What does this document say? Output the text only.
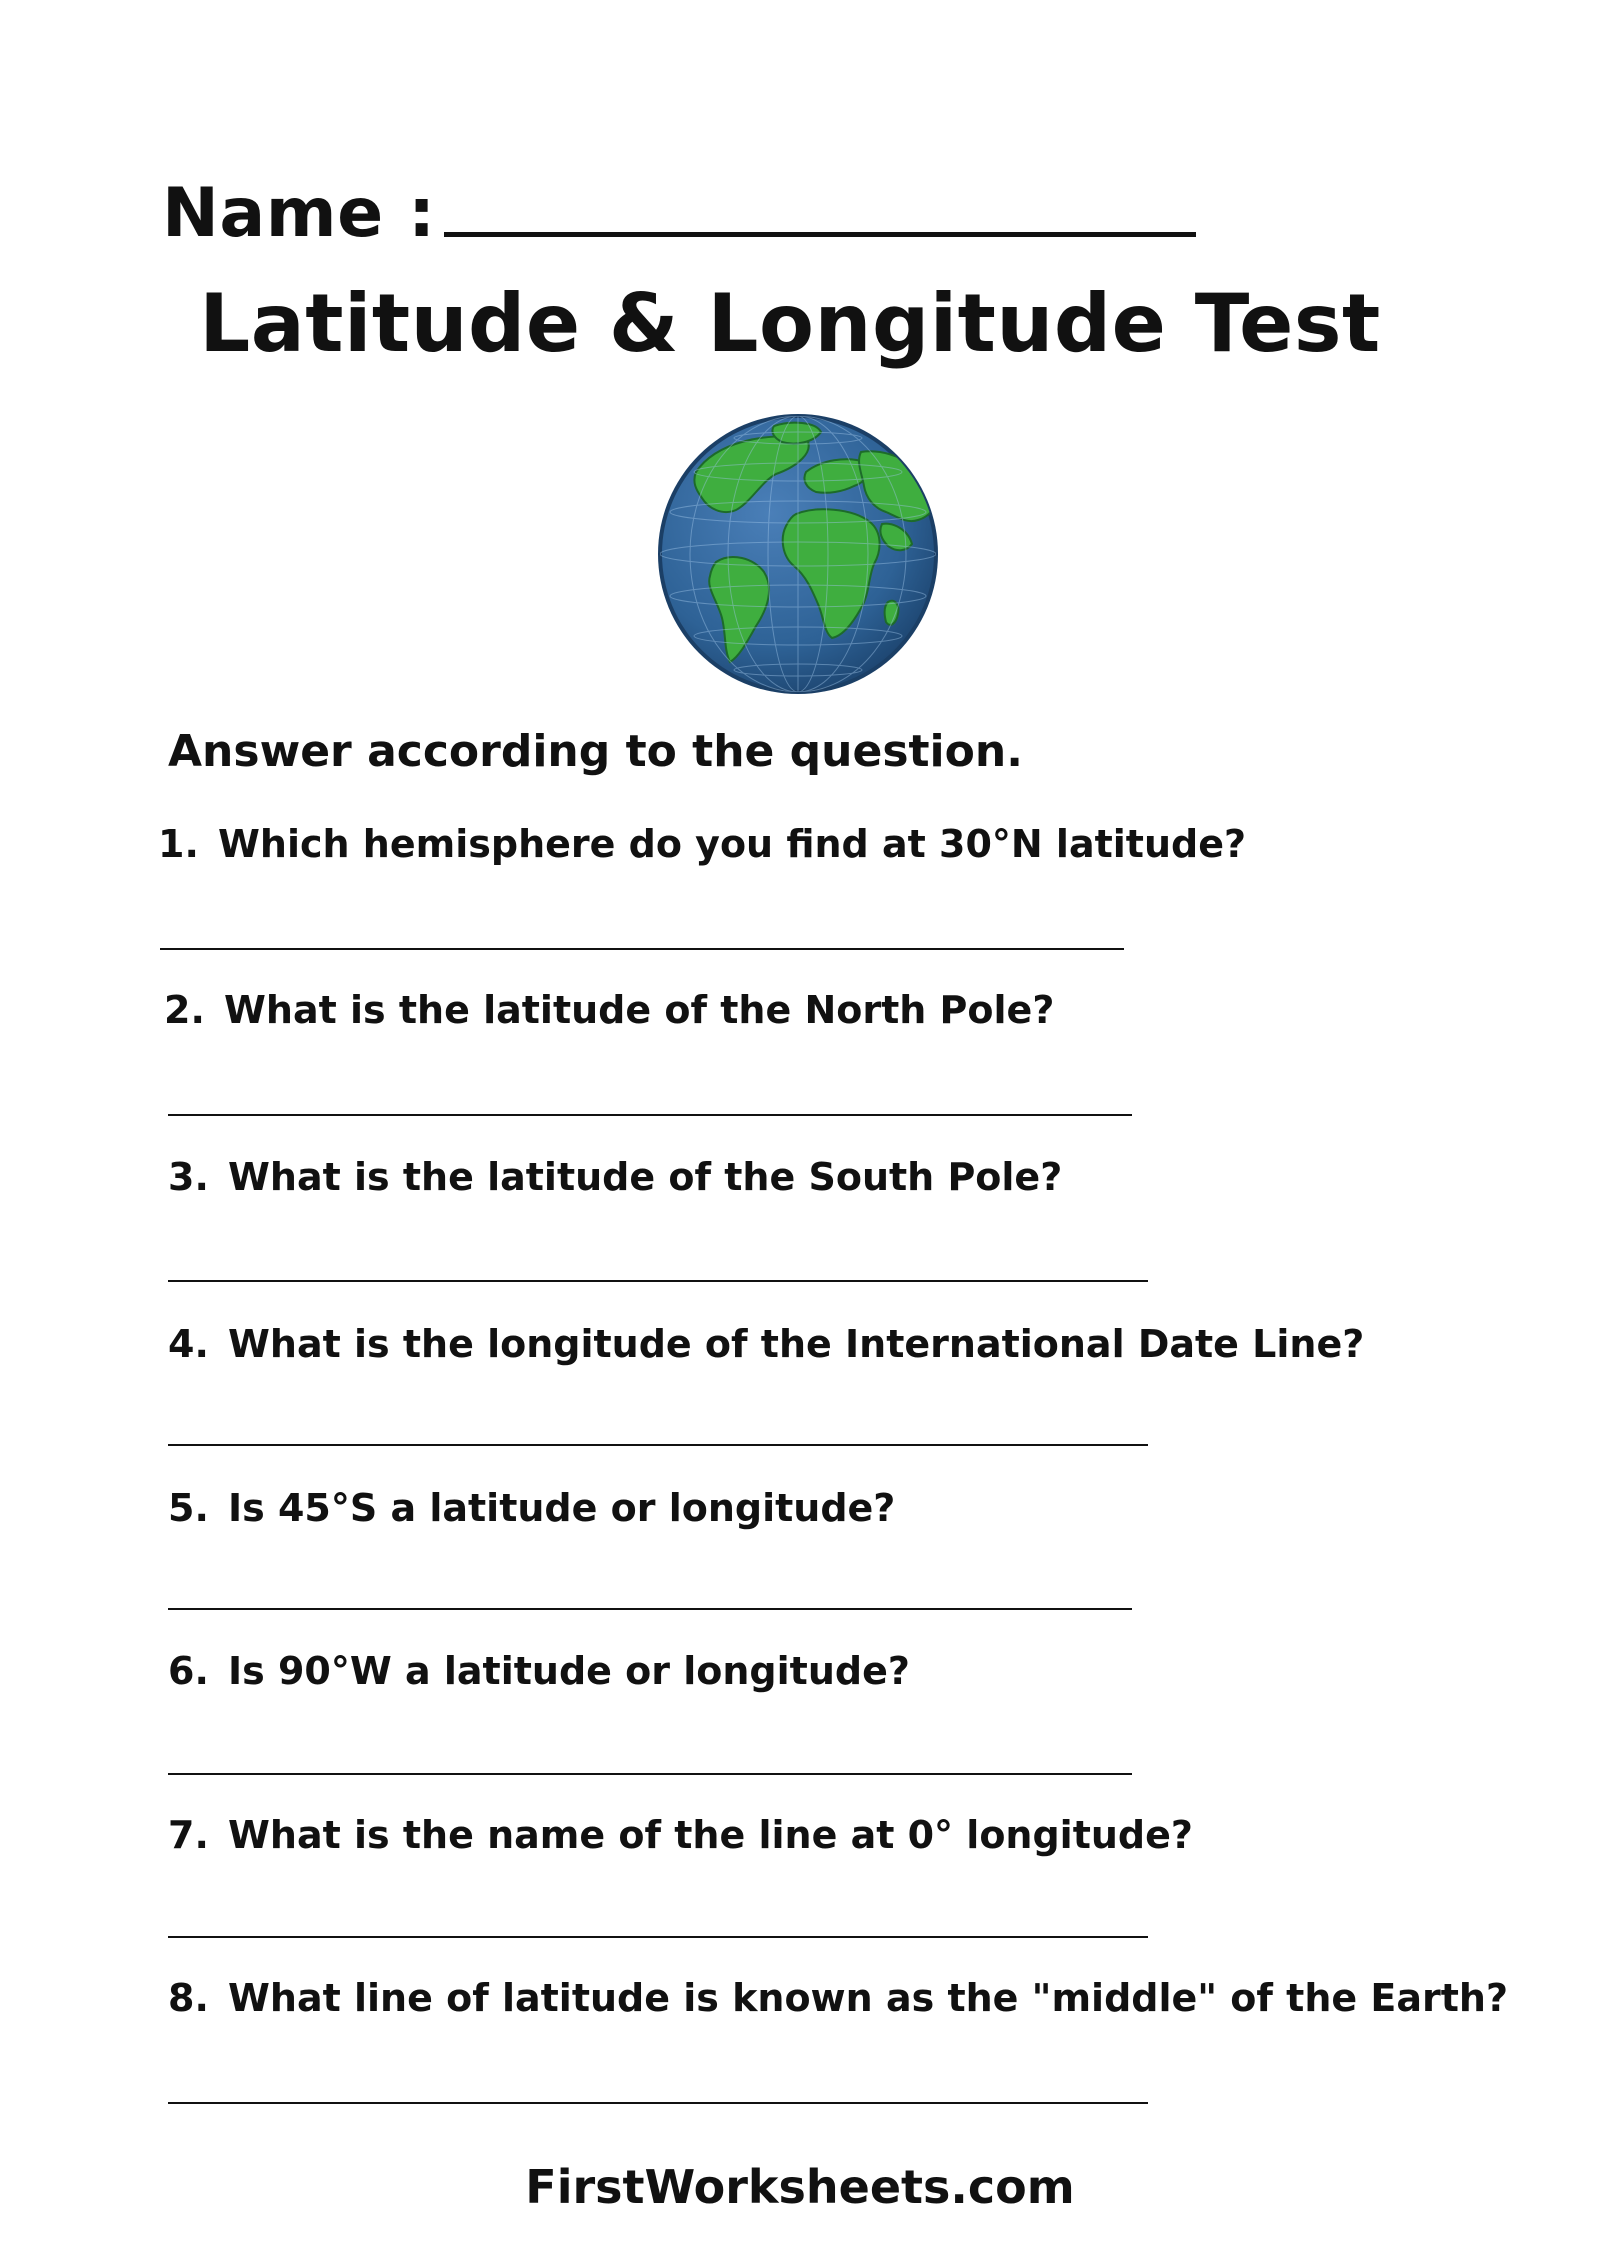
Name :
Latitude & Longitude Test
Answer according to the question.
1. Which hemisphere do you find at 30°N latitude?
2. What is the latitude of the North Pole?
3. What is the latitude of the South Pole?
4. What is the longitude of the International Date Line?
5. Is 45°S a latitude or longitude?
6. Is 90°W a latitude or longitude?
7. What is the name of the line at 0° longitude?
8. What line of latitude is known as the "middle" of the Earth?
FirstWorksheets.com
